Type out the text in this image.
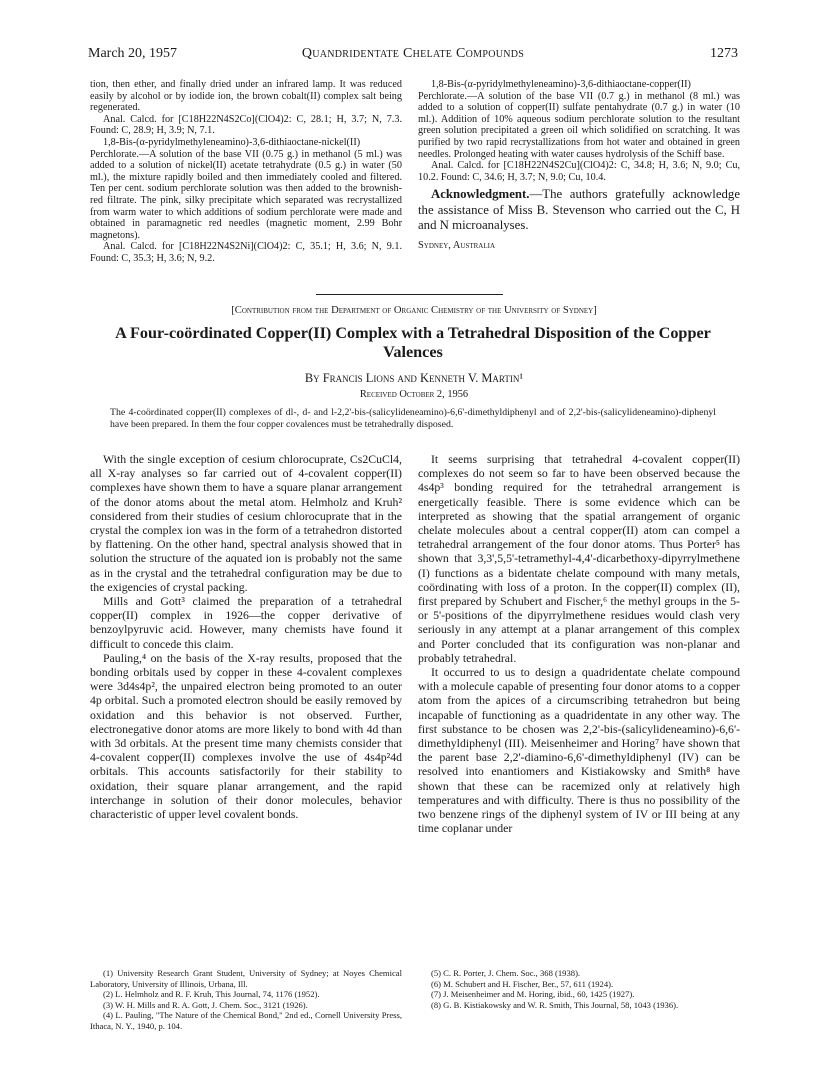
March 20, 1957	Quandridentate Chelate Compounds	1273

tion, then ether, and finally dried under an infrared lamp. It was reduced easily by alcohol or by iodide ion, the brown cobalt(II) complex salt being regenerated.

Anal. Calcd. for [C18H22N4S2Co](ClO4)2: C, 28.1; H, 3.7; N, 7.3. Found: C, 28.9; H, 3.9; N, 7.1.

1,8-Bis-(α-pyridylmethyleneamino)-3,6-dithiaoctane-nickel(II) Perchlorate.—A solution of the base VII (0.75 g.) in methanol (5 ml.) was added to a solution of nickel(II) acetate tetrahydrate (0.5 g.) in water (50 ml.), the mixture rapidly boiled and then immediately cooled and filtered. Ten per cent. sodium perchlorate solution was then added to the brownish-red filtrate. The pink, silky precipitate which separated was recrystallized from warm water to which additions of sodium perchlorate were made and obtained in paramagnetic red needles (magnetic moment, 2.99 Bohr magnetons).

Anal. Calcd. for [C18H22N4S2Ni](ClO4)2: C, 35.1; H, 3.6; N, 9.1. Found: C, 35.3; H, 3.6; N, 9.2.

1,8-Bis-(α-pyridylmethyleneamino)-3,6-dithiaoctane-copper(II) Perchlorate.—A solution of the base VII (0.7 g.) in methanol (8 ml.) was added to a solution of copper(II) sulfate pentahydrate (0.7 g.) in water (10 ml.). Addition of 10% aqueous sodium perchlorate solution to the resultant green solution precipitated a green oil which solidified on scratching. It was purified by two rapid recrystallizations from hot water and obtained in green needles. Prolonged heating with water causes hydrolysis of the Schiff base.

Anal. Calcd. for [C18H22N4S2Cu](ClO4)2: C, 34.8; H, 3.6; N, 9.0; Cu, 10.2. Found: C, 34.6; H, 3.7; N, 9.0; Cu, 10.4.

Acknowledgment.—The authors gratefully acknowledge the assistance of Miss B. Stevenson who carried out the C, H and N microanalyses.

Sydney, Australia

[Contribution from the Department of Organic Chemistry of the University of Sydney]
A Four-coördinated Copper(II) Complex with a Tetrahedral Disposition of the Copper Valences
By Francis Lions and Kenneth V. Martin¹
Received October 2, 1956

The 4-coördinated copper(II) complexes of dl-, d- and l-2,2'-bis-(salicylideneamino)-6,6'-dimethyldiphenyl and of 2,2'-bis-(salicylideneamino)-diphenyl have been prepared. In them the four copper covalences must be tetrahedrally disposed.

With the single exception of cesium chlorocuprate, Cs2CuCl4, all X-ray analyses so far carried out of 4-covalent copper(II) complexes have shown them to have a square planar arrangement of the donor atoms about the metal atom. Helmholz and Kruh² considered from their studies of cesium chlorocuprate that in the crystal the complex ion was in the form of a tetrahedron distorted by flattening. On the other hand, spectral analysis showed that in solution the structure of the aquated ion is probably not the same as in the crystal and the tetrahedral configuration may be due to the exigencies of crystal packing.

Mills and Gott³ claimed the preparation of a tetrahedral copper(II) complex in 1926—the copper derivative of benzoylpyruvic acid. However, many chemists have found it difficult to concede this claim.

Pauling,⁴ on the basis of the X-ray results, proposed that the bonding orbitals used by copper in these 4-covalent complexes were 3d4s4p², the unpaired electron being promoted to an outer 4p orbital. Such a promoted electron should be easily removed by oxidation and this behavior is not observed. Further, electronegative donor atoms are more likely to bond with 4d than with 3d orbitals. At the present time many chemists consider that 4-covalent copper(II) complexes involve the use of 4s4p²4d orbitals. This accounts satisfactorily for their stability to oxidation, their square planar arrangement, and the rapid interchange in solution of their donor molecules, behavior characteristic of upper level covalent bonds.

It seems surprising that tetrahedral 4-covalent copper(II) complexes do not seem so far to have been observed because the 4s4p³ bonding required for the tetrahedral arrangement is energetically feasible. There is some evidence which can be interpreted as showing that the spatial arrangement of organic chelate molecules about a central copper(II) atom can compel a tetrahedral arrangement of the four donor atoms. Thus Porter⁵ has shown that 3,3',5,5'-tetramethyl-4,4'-dicarbethoxy-dipyrrylmethene (I) functions as a bidentate chelate compound with many metals, coördinating with loss of a proton. In the copper(II) complex (II), first prepared by Schubert and Fischer,⁶ the methyl groups in the 5- or 5'-positions of the dipyrrylmethene residues would clash very seriously in any attempt at a planar arrangement of this complex and Porter concluded that its configuration was non-planar and probably tetrahedral.

It occurred to us to design a quadridentate chelate compound with a molecule capable of presenting four donor atoms to a copper atom from the apices of a circumscribing tetrahedron but being incapable of functioning as a quadridentate in any other way. The first substance to be chosen was 2,2'-bis-(salicylideneamino)-6,6'-dimethyldiphenyl (III). Meisenheimer and Horing⁷ have shown that the parent base 2,2'-diamino-6,6'-dimethyldiphenyl (IV) can be resolved into enantiomers and Kistiakowsky and Smith⁸ have shown that these can be racemized only at relatively high temperatures and with difficulty. There is thus no possibility of the two benzene rings of the diphenyl system of IV or III being at any time coplanar under

(1) University Research Grant Student, University of Sydney; at Noyes Chemical Laboratory, University of Illinois, Urbana, Ill.

(2) L. Helmholz and R. F. Kruh, This Journal, 74, 1176 (1952).

(3) W. H. Mills and R. A. Gott, J. Chem. Soc., 3121 (1926).

(4) L. Pauling, "The Nature of the Chemical Bond," 2nd ed., Cornell University Press, Ithaca, N. Y., 1940, p. 104.

(5) C. R. Porter, J. Chem. Soc., 368 (1938).

(6) M. Schubert and H. Fischer, Ber., 57, 611 (1924).

(7) J. Meisenheimer and M. Horing, ibid., 60, 1425 (1927).

(8) G. B. Kistiakowsky and W. R. Smith, This Journal, 58, 1043 (1936).
